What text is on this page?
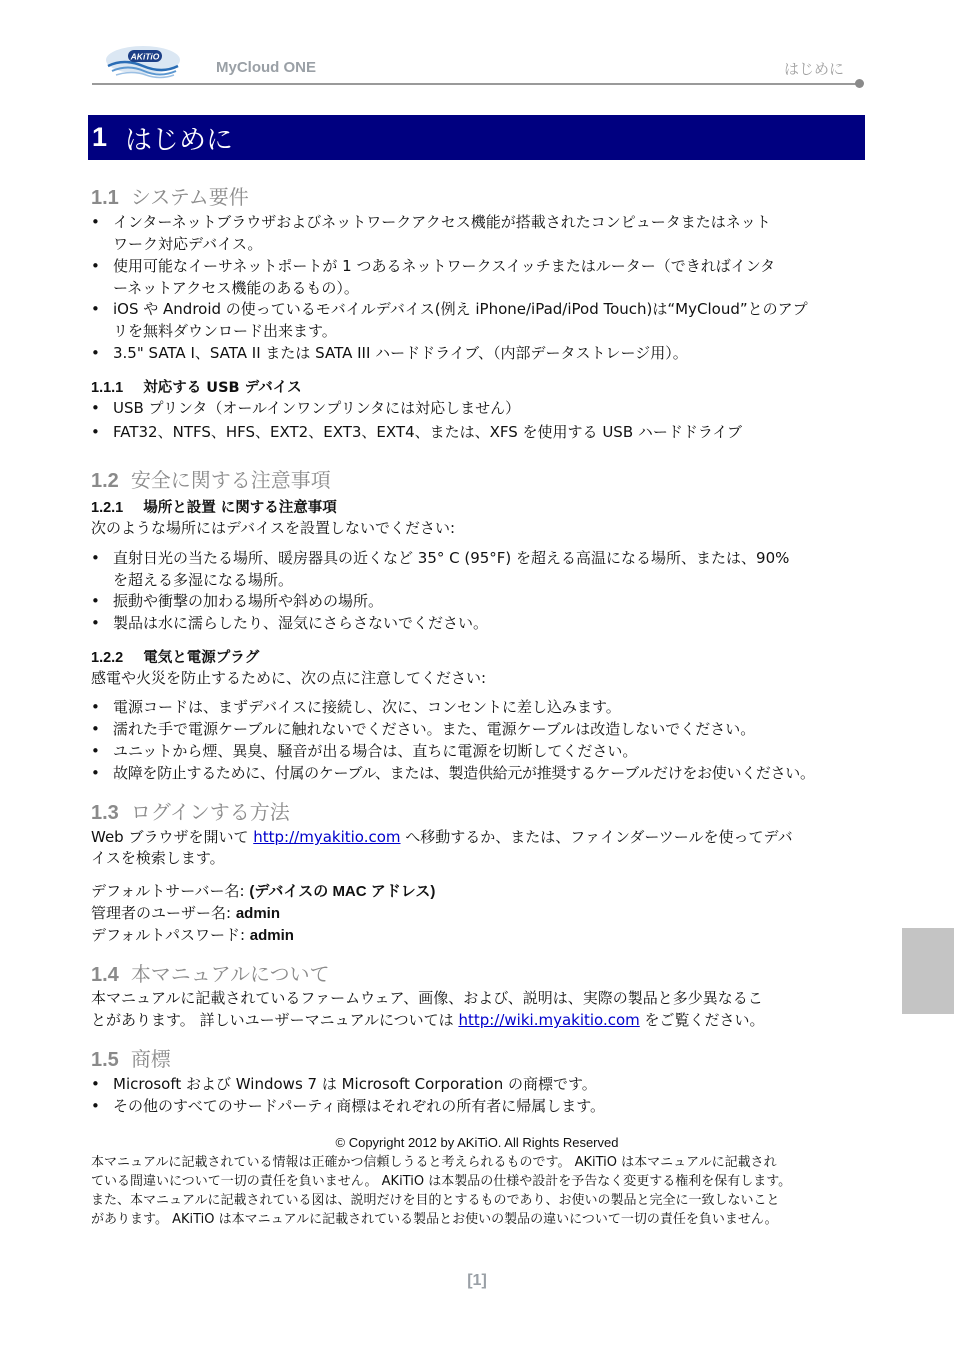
AKiTiO
MyCloud ONE	はじめに
1 はじめに
1.1 システム要件
• インターネットブラウザおよびネットワークアクセス機能が搭載されたコンピュータまたはネット
ワーク対応デバイス。
• 使用可能なイーサネットポートが 1 つあるネットワークスイッチまたはルーター（できればインタ
ーネットアクセス機能のあるもの）。
• iOS や Android の使っているモバイルデバイス(例え iPhone/iPad/iPod Touch)は“MyCloud”とのアプ
リを無料ダウンロード出来ます。
• 3.5" SATA I、SATA II または SATA III ハードドライブ、（内部データストレージ用）。
1.1.1 対応する USB デバイス
• USB プリンタ（オールインワンプリンタには対応しません）
• FAT32、NTFS、HFS、EXT2、EXT3、EXT4、または、XFS を使用する USB ハードドライブ
1.2 安全に関する注意事項
1.2.1 場所と設置 に関する注意事項
次のような場所にはデバイスを設置しないでください:
• 直射日光の当たる場所、暖房器具の近くなど 35° C (95°F) を超える高温になる場所、または、90%
を超える多湿になる場所。
• 振動や衝撃の加わる場所や斜めの場所。
• 製品は水に濡らしたり、湿気にさらさないでください。
1.2.2 電気と電源プラグ
感電や火災を防止するために、次の点に注意してください:
• 電源コードは、まずデバイスに接続し、次に、コンセントに差し込みます。
• 濡れた手で電源ケーブルに触れないでください。また、電源ケーブルは改造しないでください。
• ユニットから煙、異臭、騒音が出る場合は、直ちに電源を切断してください。
• 故障を防止するために、付属のケーブル、または、製造供給元が推奨するケーブルだけをお使いください。
1.3 ログインする方法
Web ブラウザを開いて http://myakitio.com へ移動するか、または、ファインダーツールを使ってデバ
イスを検索します。
デフォルトサーバー名: (デバイスの MAC アドレス)
管理者のユーザー名: admin
デフォルトパスワード: admin
1.4 本マニュアルについて
本マニュアルに記載されているファームウェア、画像、および、説明は、実際の製品と多少異なるこ
とがあります。 詳しいユーザーマニュアルについては http://wiki.myakitio.com をご覧ください。
1.5 商標
• Microsoft および Windows 7 は Microsoft Corporation の商標です。
• その他のすべてのサードパーティ商標はそれぞれの所有者に帰属します。
© Copyright 2012 by AKiTiO. All Rights Reserved
本マニュアルに記載されている情報は正確かつ信頼しうると考えられるものです。 AKiTiO は本マニュアルに記載され
ている間違いについて一切の責任を負いません。 AKiTiO は本製品の仕様や設計を予告なく変更する権利を保有します。
また、本マニュアルに記載されている図は、説明だけを目的とするものであり、お使いの製品と完全に一致しないこと
があります。 AKiTiO は本マニュアルに記載されている製品とお使いの製品の違いについて一切の責任を負いません。
[1]
